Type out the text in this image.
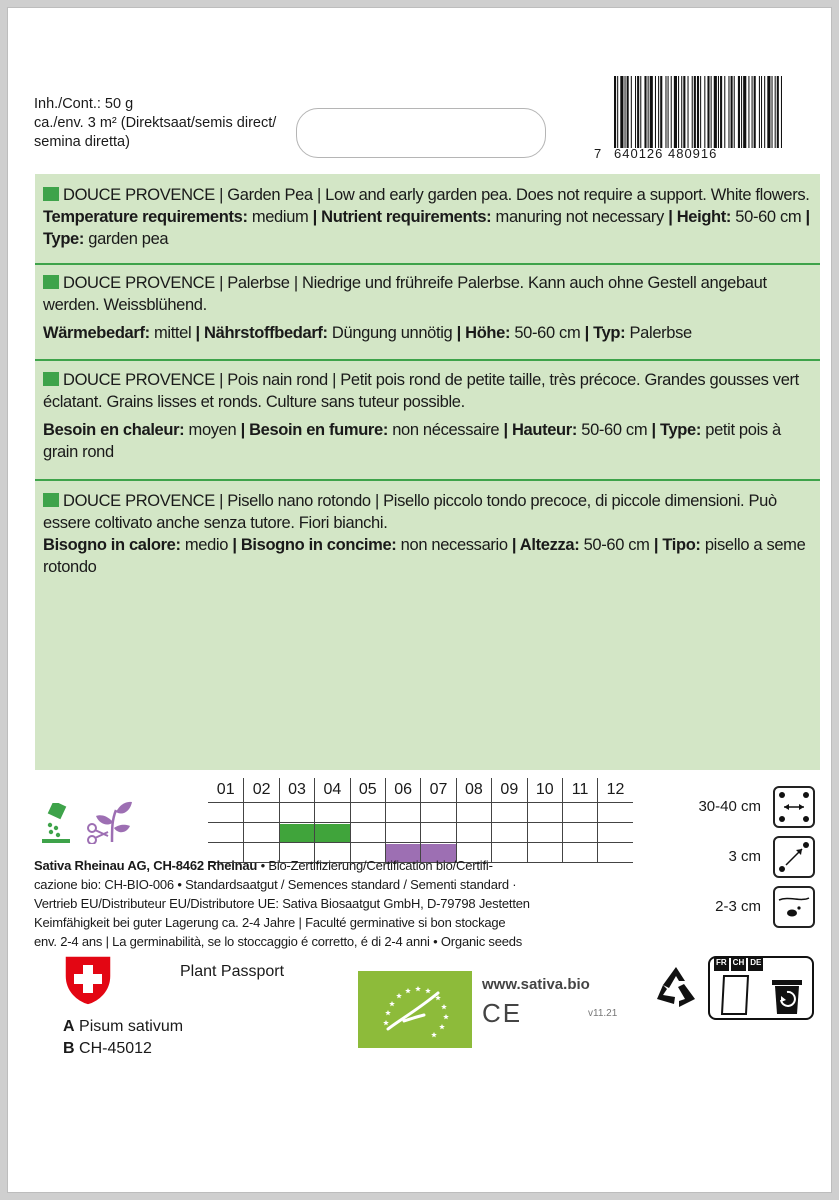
Inh./Cont.: 50 g
ca./env. 3 m² (Direktsaat/semis direct/
semina diretta)
7 640126 480916
DOUCE PROVENCE | Garden Pea | Low and early garden pea. Does not require a support. White flowers.
Temperature requirements: medium | Nutrient requirements: manuring not necessary | Height: 50-60 cm | Type: garden pea
DOUCE PROVENCE | Palerbse | Niedrige und frühreife Palerbse. Kann auch ohne Gestell angebaut werden. Weissblühend.
Wärmebedarf: mittel | Nährstoffbedarf: Düngung unnötig | Höhe: 50-60 cm | Typ: Palerbse
DOUCE PROVENCE | Pois nain rond | Petit pois rond de petite taille, très précoce. Grandes gousses vert éclatant. Grains lisses et ronds. Culture sans tuteur possible.
Besoin en chaleur: moyen | Besoin en fumure: non nécessaire | Hauteur: 50-60 cm | Type: petit pois à grain rond
DOUCE PROVENCE | Pisello nano rotondo | Pisello piccolo tondo precoce, di piccole dimensioni. Può essere coltivato anche senza tutore. Fiori bianchi.
Bisogno in calore: medio | Bisogno in concime: non necessario | Altezza: 50-60 cm | Tipo: pisello a seme rotondo
01	02	03	04	05	06	07	08	09	10	11	12
30-40 cm
3 cm
2-3 cm
Sativa Rheinau AG, CH-8462 Rheinau • Bio-Zertifizierung/Certification bio/Certifi-
cazione bio: CH-BIO-006 • Standardsaatgut / Semences standard / Sementi standard ·
Vertrieb EU/Distributeur EU/Distributore UE: Sativa Biosaatgut GmbH, D-79798 Jestetten
Keimfähigkeit bei guter Lagerung ca. 2-4 Jahre | Faculté germinative si bon stockage
env. 2-4 ans | La germinabilità, se lo stoccaggio é corretto, é di 2-4 anni • Organic seeds
Plant Passport
A Pisum sativum
B CH-45012
www.sativa.bio
CE	v11.21
FR CH DE
